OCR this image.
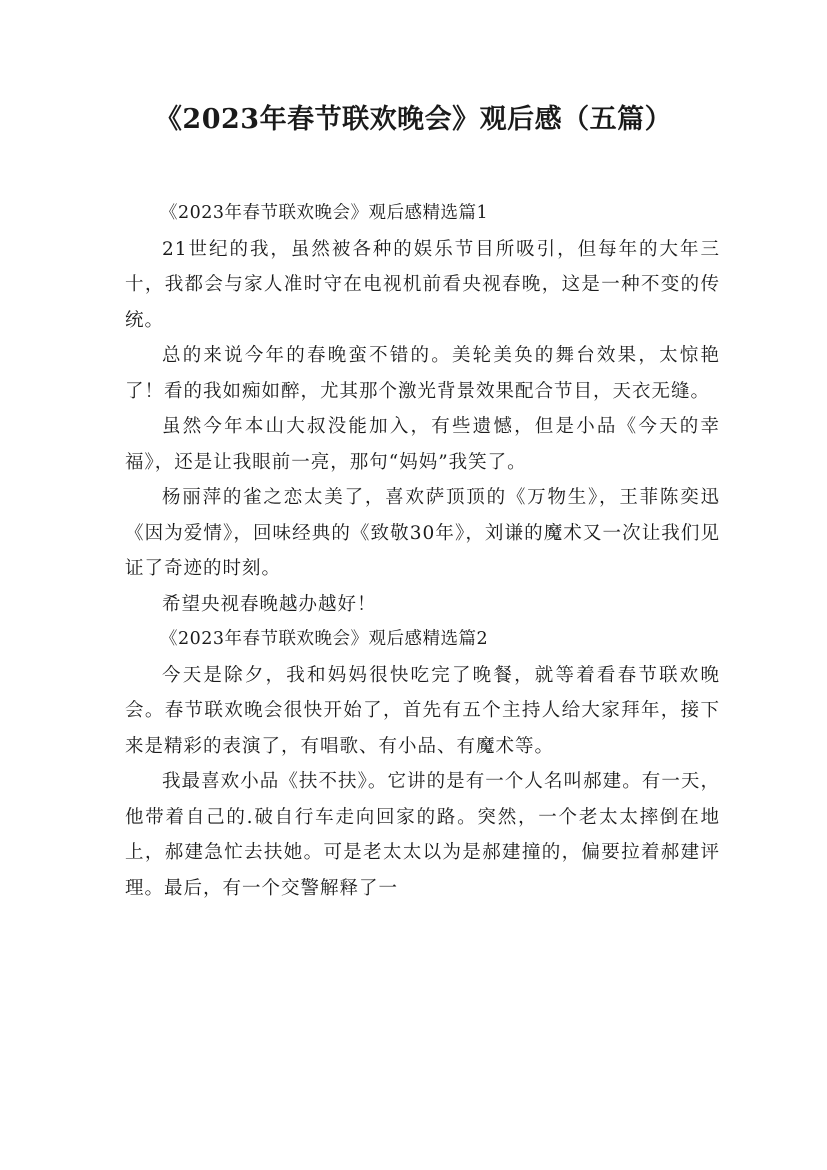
《2023年春节联欢晚会》观后感（五篇）

《2023年春节联欢晚会》观后感精选篇1

21世纪的我，虽然被各种的娱乐节目所吸引，但每年的大年三十，我都会与家人准时守在电视机前看央视春晚，这是一种不变的传统。

总的来说今年的春晚蛮不错的。美轮美奂的舞台效果，太惊艳了！看的我如痴如醉，尤其那个激光背景效果配合节目，天衣无缝。

虽然今年本山大叔没能加入，有些遗憾，但是小品《今天的幸福》，还是让我眼前一亮，那句“妈妈”我笑了。

杨丽萍的雀之恋太美了，喜欢萨顶顶的《万物生》，王菲陈奕迅《因为爱情》，回味经典的《致敬30年》，刘谦的魔术又一次让我们见证了奇迹的时刻。

希望央视春晚越办越好！

《2023年春节联欢晚会》观后感精选篇2

今天是除夕，我和妈妈很快吃完了晚餐，就等着看春节联欢晚会。春节联欢晚会很快开始了，首先有五个主持人给大家拜年，接下来是精彩的表演了，有唱歌、有小品、有魔术等。

我最喜欢小品《扶不扶》。它讲的是有一个人名叫郝建。有一天，他带着自己的.破自行车走向回家的路。突然，一个老太太摔倒在地上，郝建急忙去扶她。可是老太太以为是郝建撞的，偏要拉着郝建评理。最后，有一个交警解释了一
